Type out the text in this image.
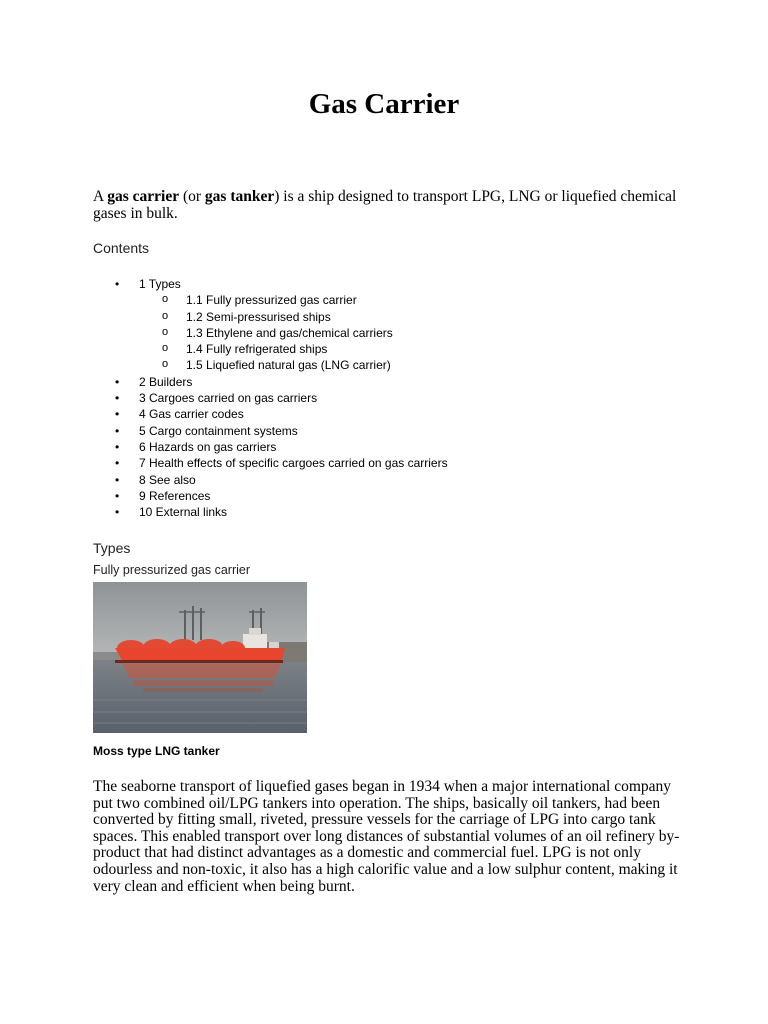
Gas Carrier

A gas carrier (or gas tanker) is a ship designed to transport LPG, LNG or liquefied chemical gases in bulk.

Contents
• 1 Types
o 1.1 Fully pressurized gas carrier
o 1.2 Semi-pressurised ships
o 1.3 Ethylene and gas/chemical carriers
o 1.4 Fully refrigerated ships
o 1.5 Liquefied natural gas (LNG carrier)
• 2 Builders
• 3 Cargoes carried on gas carriers
• 4 Gas carrier codes
• 5 Cargo containment systems
• 6 Hazards on gas carriers
• 7 Health effects of specific cargoes carried on gas carriers
• 8 See also
• 9 References
• 10 External links
Types
Fully pressurized gas carrier

Moss type LNG tanker

The seaborne transport of liquefied gases began in 1934 when a major international company put two combined oil/LPG tankers into operation. The ships, basically oil tankers, had been converted by fitting small, riveted, pressure vessels for the carriage of LPG into cargo tank spaces. This enabled transport over long distances of substantial volumes of an oil refinery by-product that had distinct advantages as a domestic and commercial fuel. LPG is not only odourless and non-toxic, it also has a high calorific value and a low sulphur content, making it very clean and efficient when being burnt.
